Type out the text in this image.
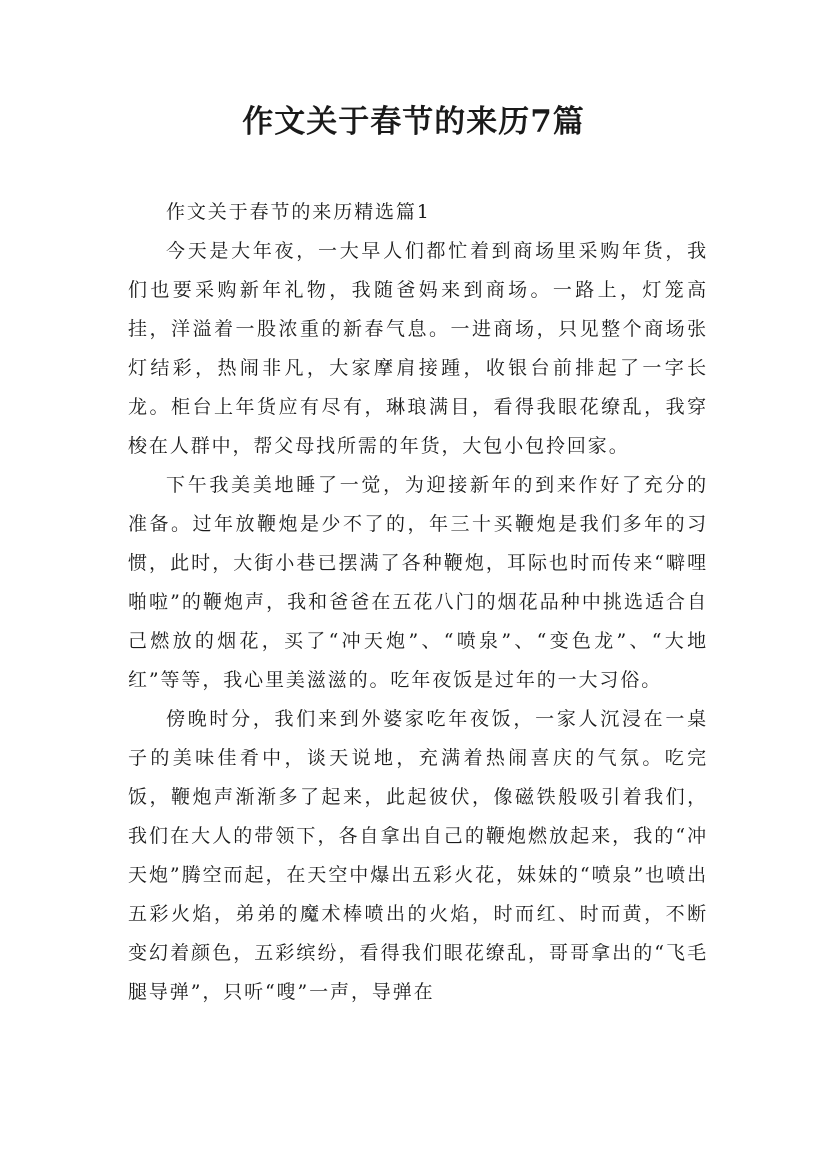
作文关于春节的来历7篇

作文关于春节的来历精选篇1

今天是大年夜，一大早人们都忙着到商场里采购年货，我们也要采购新年礼物，我随爸妈来到商场。一路上，灯笼高挂，洋溢着一股浓重的新春气息。一进商场，只见整个商场张灯结彩，热闹非凡，大家摩肩接踵，收银台前排起了一字长龙。柜台上年货应有尽有，琳琅满目，看得我眼花缭乱，我穿梭在人群中，帮父母找所需的年货，大包小包拎回家。

下午我美美地睡了一觉，为迎接新年的到来作好了充分的准备。过年放鞭炮是少不了的，年三十买鞭炮是我们多年的习惯，此时，大街小巷已摆满了各种鞭炮，耳际也时而传来“噼哩啪啦”的鞭炮声，我和爸爸在五花八门的烟花品种中挑选适合自己燃放的烟花，买了“冲天炮”、“喷泉”、“变色龙”、“大地红”等等，我心里美滋滋的。吃年夜饭是过年的一大习俗。

傍晚时分，我们来到外婆家吃年夜饭，一家人沉浸在一桌子的美味佳肴中，谈天说地，充满着热闹喜庆的气氛。吃完饭，鞭炮声渐渐多了起来，此起彼伏，像磁铁般吸引着我们，我们在大人的带领下，各自拿出自己的鞭炮燃放起来，我的“冲天炮”腾空而起，在天空中爆出五彩火花，妹妹的“喷泉”也喷出五彩火焰，弟弟的魔术棒喷出的火焰，时而红、时而黄，不断变幻着颜色，五彩缤纷，看得我们眼花缭乱，哥哥拿出的“飞毛腿导弹”，只听“嗖”一声，导弹在
